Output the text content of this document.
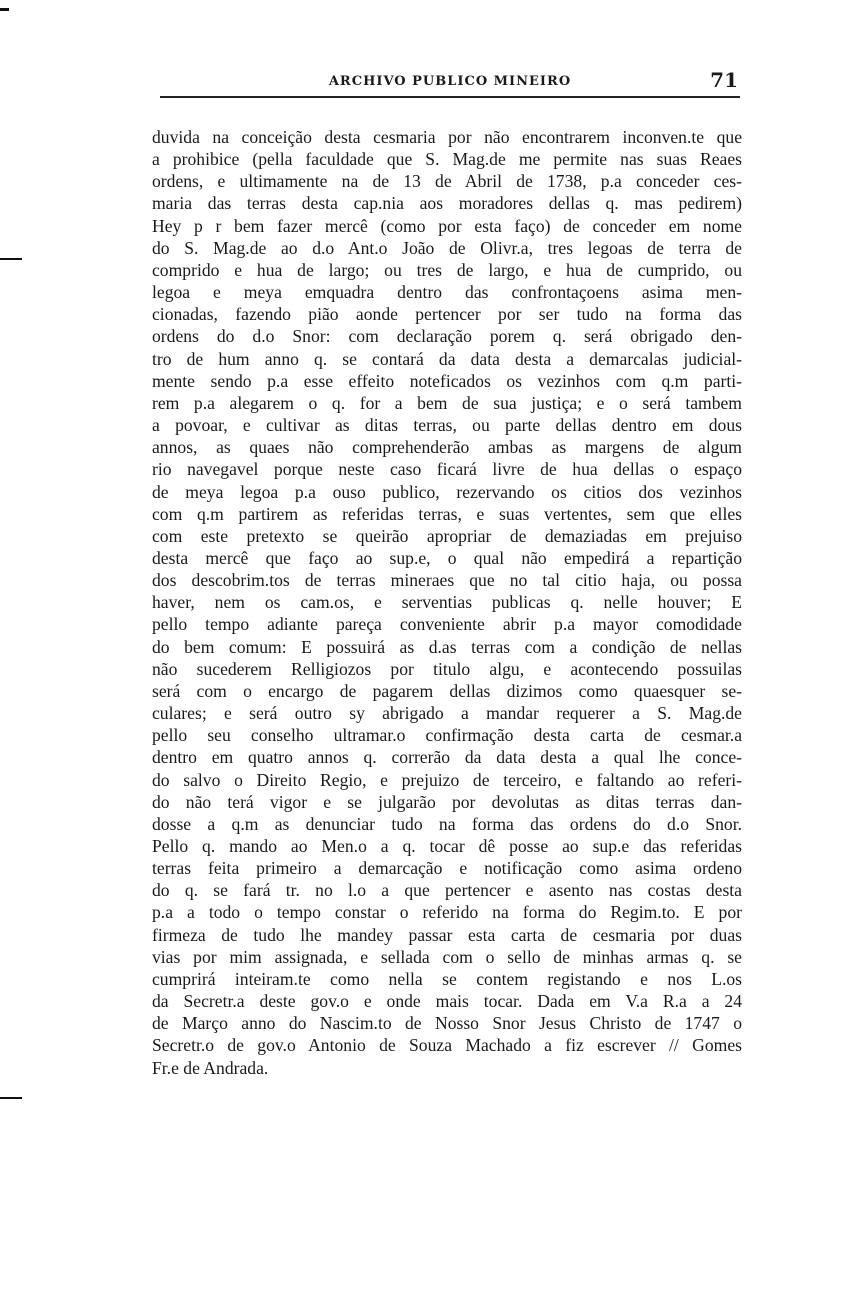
ARCHIVO PUBLICO MINEIRO	71
duvida na conceição desta cesmaria por não encontrarem inconven.te que
a prohibice (pella faculdade que S. Mag.de me permite nas suas Reaes
ordens, e ultimamente na de 13 de Abril de 1738, p.a conceder ces-
maria das terras desta cap.nia aos moradores dellas q. mas pedirem)
Hey p r bem fazer mercê (como por esta faço) de conceder em nome
do S. Mag.de ao d.o Ant.o João de Olivr.a, tres legoas de terra de
comprido e hua de largo; ou tres de largo, e hua de cumprido, ou
legoa e meya emquadra dentro das confrontaçoens asima men-
cionadas, fazendo pião aonde pertencer por ser tudo na forma das
ordens do d.o Snor: com declaração porem q. será obrigado den-
tro de hum anno q. se contará da data desta a demarcalas judicial-
mente sendo p.a esse effeito noteficados os vezinhos com q.m parti-
rem p.a alegarem o q. for a bem de sua justiça; e o será tambem
a povoar, e cultivar as ditas terras, ou parte dellas dentro em dous
annos, as quaes não comprehenderão ambas as margens de algum
rio navegavel porque neste caso ficará livre de hua dellas o espaço
de meya legoa p.a ouso publico, rezervando os citios dos vezinhos
com q.m partirem as referidas terras, e suas vertentes, sem que elles
com este pretexto se queirão apropriar de demaziadas em prejuiso
desta mercê que faço ao sup.e, o qual não empedirá a repartição
dos descobrim.tos de terras mineraes que no tal citio haja, ou possa
haver, nem os cam.os, e serventias publicas q. nelle houver; E
pello tempo adiante pareça conveniente abrir p.a mayor comodidade
do bem comum: E possuirá as d.as terras com a condição de nellas
não sucederem Relligiozos por titulo algu, e acontecendo possuilas
será com o encargo de pagarem dellas dizimos como quaesquer se-
culares; e será outro sy abrigado a mandar requerer a S. Mag.de
pello seu conselho ultramar.o confirmação desta carta de cesmar.a
dentro em quatro annos q. correrão da data desta a qual lhe conce-
do salvo o Direito Regio, e prejuizo de terceiro, e faltando ao referi-
do não terá vigor e se julgarão por devolutas as ditas terras dan-
dosse a q.m as denunciar tudo na forma das ordens do d.o Snor.
Pello q. mando ao Men.o a q. tocar dê posse ao sup.e das referidas
terras feita primeiro a demarcação e notificação como asima ordeno
do q. se fará tr. no l.o a que pertencer e asento nas costas desta
p.a a todo o tempo constar o referido na forma do Regim.to. E por
firmeza de tudo lhe mandey passar esta carta de cesmaria por duas
vias por mim assignada, e sellada com o sello de minhas armas q. se
cumprirá inteiram.te como nella se contem registando e nos L.os
da Secretr.a deste gov.o e onde mais tocar. Dada em V.a R.a a 24
de Março anno do Nascim.to de Nosso Snor Jesus Christo de 1747 o
Secretr.o de gov.o Antonio de Souza Machado a fiz escrever // Gomes
Fr.e de Andrada.
